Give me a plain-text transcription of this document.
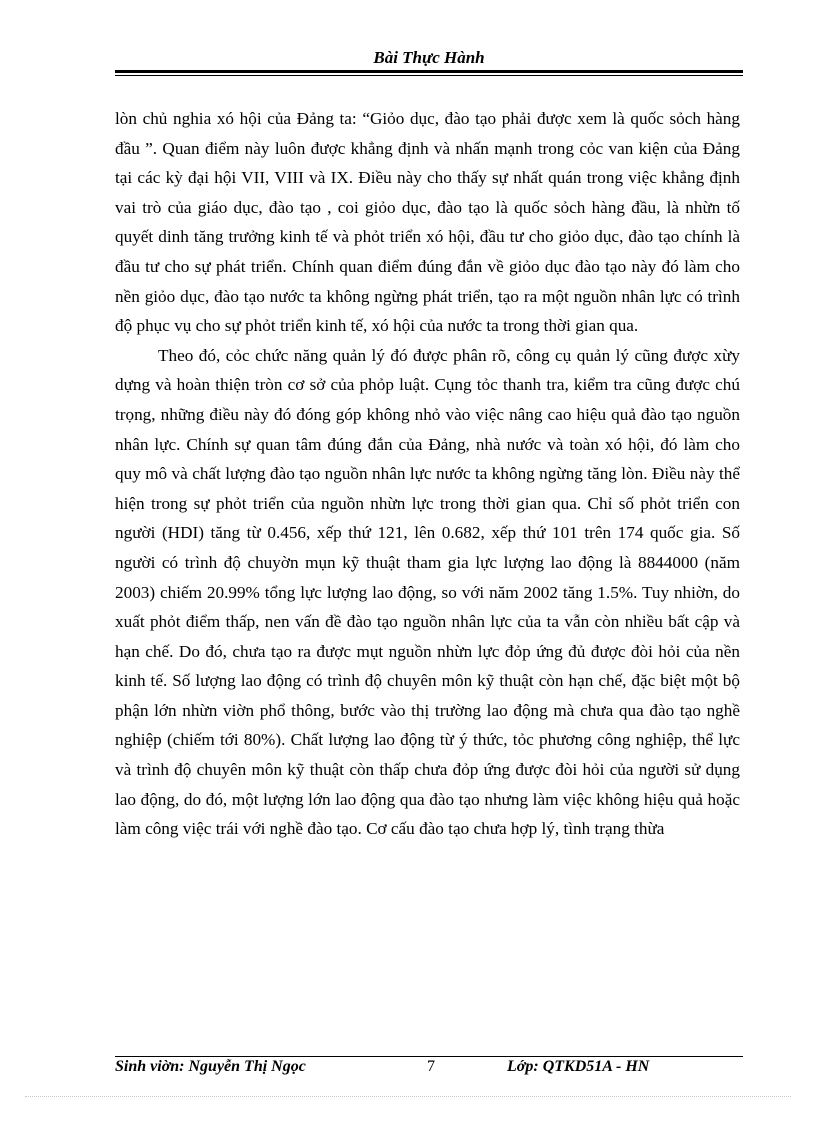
Bài Thực Hành

lòn chủ nghia xó hội của Đảng ta: “Giỏo dục, đào tạo phải được xem là quốc sỏch hàng đầu ”. Quan điểm này luôn được khẳng định và nhấn mạnh trong cỏc van kiện của Đảng tại các kỳ đại hội VII, VIII và IX. Điều này cho thấy sự nhất quán trong việc khẳng định vai trò của giáo dục, đào tạo , coi giỏo dục, đào tạo là quốc sỏch hàng đầu, là nhừn tố quyết dinh tăng trưởng kinh tế và phỏt triển xó hội, đầu tư cho giỏo dục, đào tạo chính là đầu tư cho sự phát triển. Chính quan điểm đúng đắn về giỏo dục đào tạo này đó làm cho nền giỏo dục, đào tạo nước ta không ngừng phát triển, tạo ra một nguồn nhân lực có trình độ phục vụ cho sự phỏt triển kinh tế, xó hội của nước ta trong thời gian qua.

Theo đó, cỏc chức năng quản lý đó được phân rõ, công cụ quản lý cũng được xừy dựng và hoàn thiện tròn cơ sở của phỏp luật. Cụng tỏc thanh tra, kiểm tra cũng được chú trọng, những điều này đó đóng góp không nhỏ vào việc nâng cao hiệu quả đào tạo nguồn nhân lực. Chính sự quan tâm đúng đắn của Đảng, nhà nước và toàn xó hội, đó làm cho quy mô và chất lượng đào tạo nguồn nhân lực nước ta không ngừng tăng lòn. Điều này thể hiện trong sự phỏt triển của nguồn nhừn lực trong thời gian qua. Chỉ số phỏt triển con người (HDI) tăng từ 0.456, xếp thứ 121, lên 0.682, xếp thứ 101 trên 174 quốc gia. Số người có trình độ chuyờn mụn kỹ thuật tham gia lực lượng lao động là 8844000 (năm 2003) chiếm 20.99% tổng lực lượng lao động, so với năm 2002 tăng 1.5%. Tuy nhiờn, do xuất phỏt điểm thấp, nen vấn đề đào tạo nguồn nhân lực của ta vẫn còn nhiều bất cập và hạn chế. Do đó, chưa tạo ra được mụt nguồn nhừn lực đỏp ứng đủ được đòi hỏi của nền kinh tế. Số lượng lao động có trình độ chuyên môn kỹ thuật còn hạn chế, đặc biệt một bộ phận lớn nhừn viờn phổ thông, bước vào thị trường lao động mà chưa qua đào tạo nghề nghiệp (chiếm tới 80%). Chất lượng lao động từ ý thức, tỏc phương công nghiệp, thể lực và trình độ chuyên môn kỹ thuật còn thấp chưa đỏp ứng được đòi hỏi của người sử dụng lao động, do đó, một lượng lớn lao động qua đào tạo nhưng làm việc không hiệu quả hoặc làm công việc trái với nghề đào tạo. Cơ cấu đào tạo chưa hợp lý, tình trạng thừa

Sinh viờn: Nguyễn Thị Ngọc	7	Lớp: QTKD51A - HN
